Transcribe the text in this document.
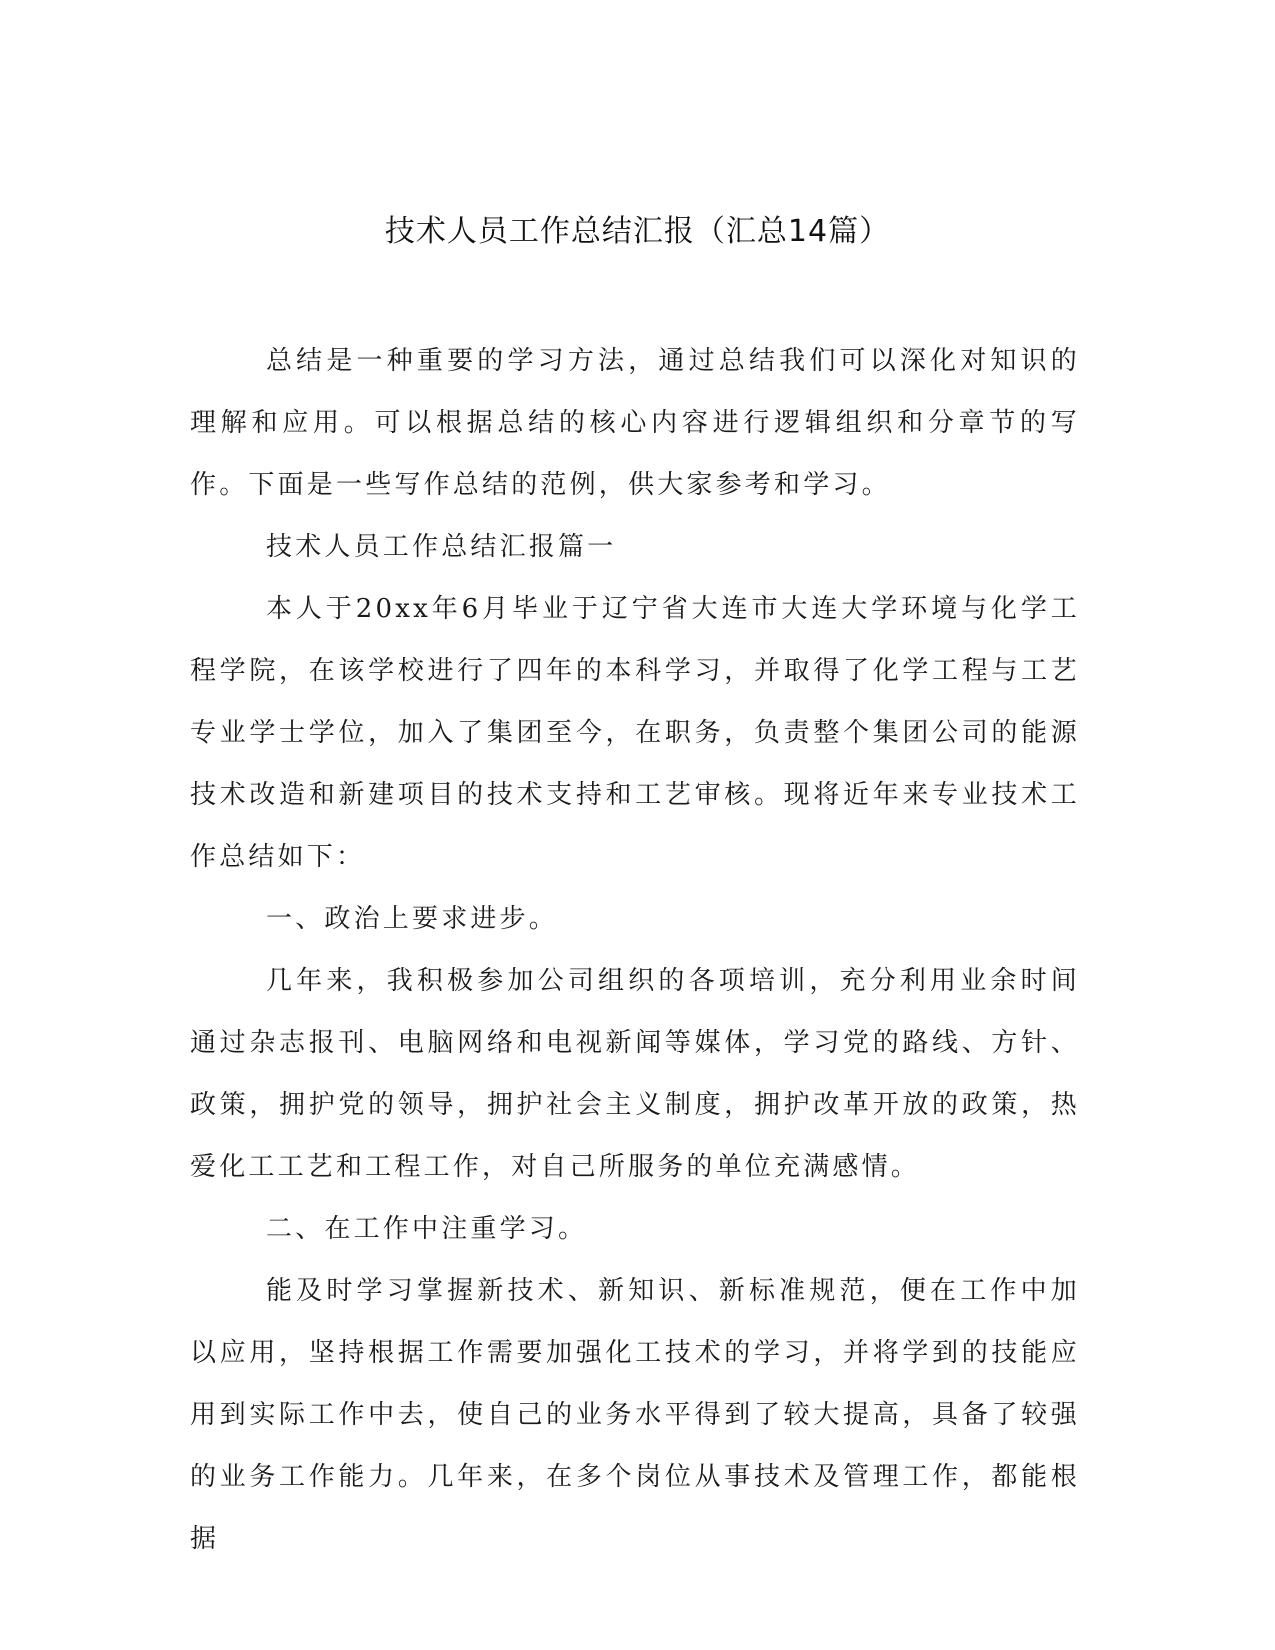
技术人员工作总结汇报（汇总14篇）

总结是一种重要的学习方法，通过总结我们可以深化对知识的理解和应用。可以根据总结的核心内容进行逻辑组织和分章节的写作。下面是一些写作总结的范例，供大家参考和学习。

技术人员工作总结汇报篇一

本人于20xx年6月毕业于辽宁省大连市大连大学环境与化学工程学院，在该学校进行了四年的本科学习，并取得了化学工程与工艺专业学士学位，加入了集团至今，在职务，负责整个集团公司的能源技术改造和新建项目的技术支持和工艺审核。现将近年来专业技术工作总结如下：

一、政治上要求进步。

几年来，我积极参加公司组织的各项培训，充分利用业余时间通过杂志报刊、电脑网络和电视新闻等媒体，学习党的路线、方针、政策，拥护党的领导，拥护社会主义制度，拥护改革开放的政策，热爱化工工艺和工程工作，对自己所服务的单位充满感情。

二、在工作中注重学习。

能及时学习掌握新技术、新知识、新标准规范，便在工作中加以应用，坚持根据工作需要加强化工技术的学习，并将学到的技能应用到实际工作中去，使自己的业务水平得到了较大提高，具备了较强的业务工作能力。几年来，在多个岗位从事技术及管理工作，都能根据
